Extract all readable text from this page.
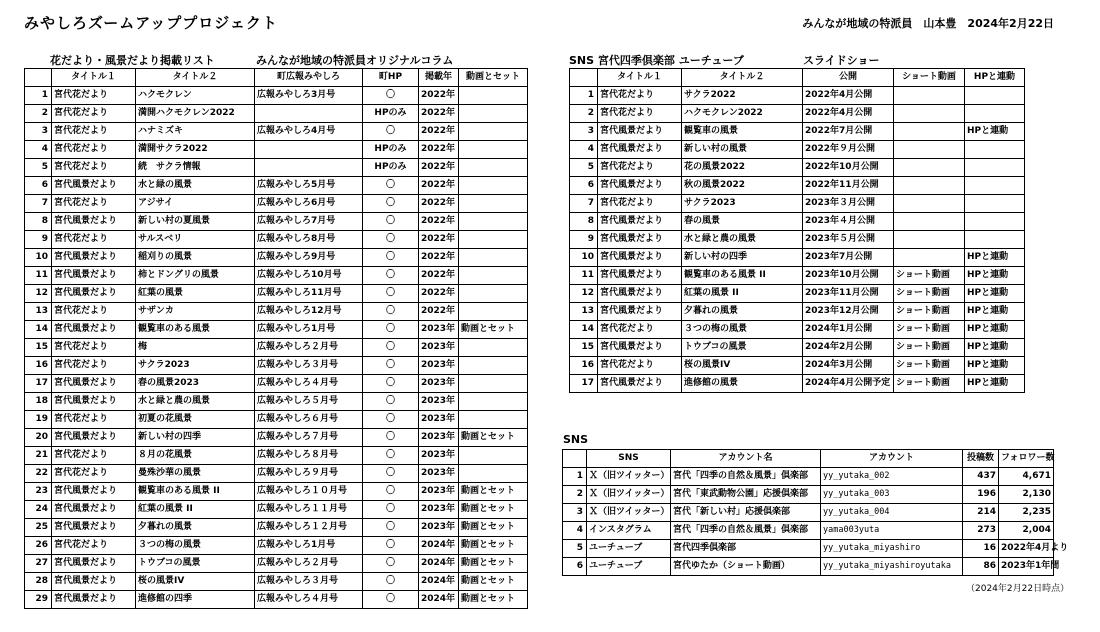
みやしろズームアッププロジェクト	みんなが地域の特派員　山本豊　2024年2月22日
花だより・風景だより掲載リスト	みんなが地域の特派員オリジナルコラム
	タイトル１	タイトル２	町広報みやしろ	町HP	掲載年	動画とセット
1	宮代花だより	ハクモクレン	広報みやしろ3月号	〇	2022年	
2	宮代花だより	満開ハクモクレン2022		HPのみ	2022年	
3	宮代花だより	ハナミズキ	広報みやしろ4月号	〇	2022年	
4	宮代花だより	満開サクラ2022		HPのみ	2022年	
5	宮代花だより	続　サクラ情報		HPのみ	2022年	
6	宮代風景だより	水と緑の風景	広報みやしろ5月号	〇	2022年	
7	宮代花だより	アジサイ	広報みやしろ6月号	〇	2022年	
8	宮代風景だより	新しい村の夏風景	広報みやしろ7月号	〇	2022年	
9	宮代花だより	サルスベリ	広報みやしろ8月号	〇	2022年	
10	宮代風景だより	稲刈りの風景	広報みやしろ9月号	〇	2022年	
11	宮代風景だより	柿とドングリの風景	広報みやしろ10月号	〇	2022年	
12	宮代風景だより	紅葉の風景	広報みやしろ11月号	〇	2022年	
13	宮代花だより	サザンカ	広報みやしろ12月号	〇	2022年	
14	宮代風景だより	観覧車のある風景	広報みやしろ1月号	〇	2023年	動画とセット
15	宮代花だより	梅	広報みやしろ２月号	〇	2023年	
16	宮代花だより	サクラ2023	広報みやしろ３月号	〇	2023年	
17	宮代風景だより	春の風景2023	広報みやしろ４月号	〇	2023年	
18	宮代風景だより	水と緑と農の風景	広報みやしろ５月号	〇	2023年	
19	宮代花だより	初夏の花風景	広報みやしろ６月号	〇	2023年	
20	宮代風景だより	新しい村の四季	広報みやしろ７月号	〇	2023年	動画とセット
21	宮代花だより	８月の花風景	広報みやしろ８月号	〇	2023年	
22	宮代花だより	曼殊沙華の風景	広報みやしろ９月号	〇	2023年	
23	宮代風景だより	観覧車のある風景 II	広報みやしろ１０月号	〇	2023年	動画とセット
24	宮代風景だより	紅葉の風景 II	広報みやしろ１１月号	〇	2023年	動画とセット
25	宮代風景だより	夕暮れの風景	広報みやしろ１２月号	〇	2023年	動画とセット
26	宮代花だより	３つの梅の風景	広報みやしろ1月号	〇	2024年	動画とセット
27	宮代風景だより	トウブコの風景	広報みやしろ２月号	〇	2024年	動画とセット
28	宮代風景だより	桜の風景IV	広報みやしろ３月号	〇	2024年	動画とセット
29	宮代風景だより	進修館の四季	広報みやしろ４月号	〇	2024年	動画とセット
SNS 宮代四季倶楽部 ユーチューブ	スライドショー
	タイトル１	タイトル２	公開	ショート動画	HPと連動
1	宮代花だより	サクラ2022	2022年4月公開		
2	宮代花だより	ハクモクレン2022	2022年4月公開		
3	宮代風景だより	観覧車の風景	2022年7月公開		HPと連動
4	宮代風景だより	新しい村の風景	2022年９月公開		
5	宮代花だより	花の風景2022	2022年10月公開		
6	宮代風景だより	秋の風景2022	2022年11月公開		
7	宮代花だより	サクラ2023	2023年３月公開		
8	宮代風景だより	春の風景	2023年４月公開		
9	宮代風景だより	水と緑と農の風景	2023年５月公開		
10	宮代風景だより	新しい村の四季	2023年7月公開		HPと連動
11	宮代風景だより	観覧車のある風景 II	2023年10月公開	ショート動画	HPと連動
12	宮代風景だより	紅葉の風景 II	2023年11月公開	ショート動画	HPと連動
13	宮代風景だより	夕暮れの風景	2023年12月公開	ショート動画	HPと連動
14	宮代花だより	３つの梅の風景	2024年1月公開	ショート動画	HPと連動
15	宮代風景だより	トウブコの風景	2024年2月公開	ショート動画	HPと連動
16	宮代花だより	桜の風景IV	2024年3月公開	ショート動画	HPと連動
17	宮代風景だより	進修館の風景	2024年4月公開予定	ショート動画	HPと連動
SNS
	SNS	アカウント名	アカウント	投稿数	フォロワー数
1	Ｘ（旧ツイッター）	宮代「四季の自然＆風景」倶楽部	yy_yutaka_002	437	4,671
2	Ｘ（旧ツイッター）	宮代「東武動物公園」応援倶楽部	yy_yutaka_003	196	2,130
3	Ｘ（旧ツイッター）	宮代「新しい村」応援倶楽部	yy_yutaka_004	214	2,235
4	インスタグラム	宮代「四季の自然＆風景」倶楽部	yama003yuta	273	2,004
5	ユーチューブ	宮代四季倶楽部	yy_yutaka_miyashiro	16	2022年4月より
6	ユーチューブ	宮代ゆたか（ショート動画）	yy_yutaka_miyashiroyutaka	86	2023年1年間
（2024年2月22日時点）
